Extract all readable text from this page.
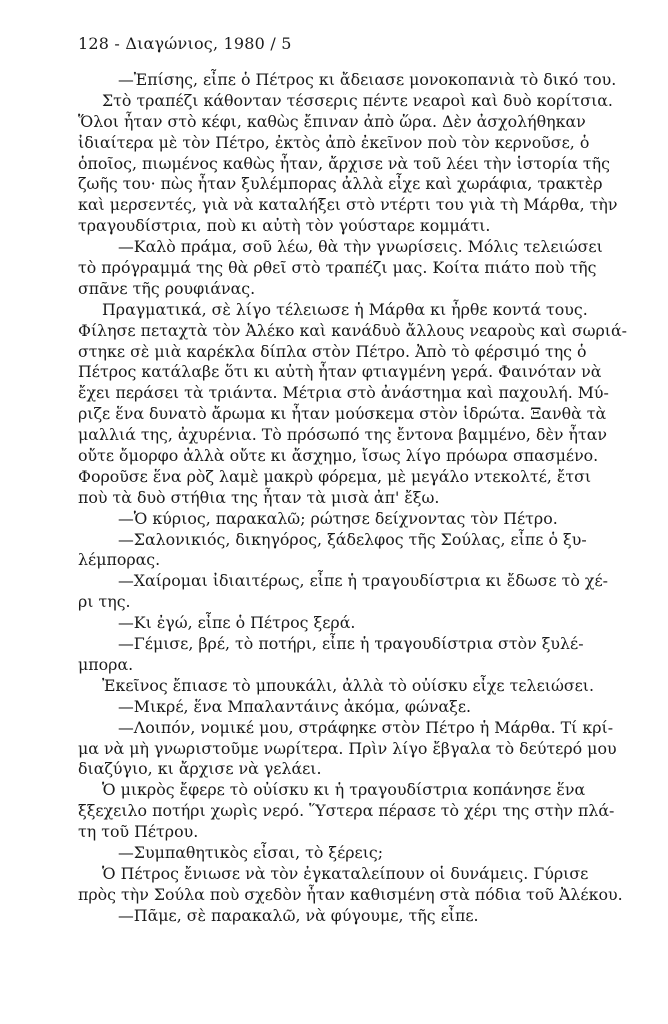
128 - Διαγώνιος, 1980 / 5
—Ἐπίσης, εἶπε ὁ Πέτρος κι ἄδειασε μονοκοπανιὰ τὸ δικό του.
Στὸ τραπέζι κάθονταν τέσσερις πέντε νεαροὶ καὶ δυὸ κορίτσια.
Ὅλοι ἦταν στὸ κέφι, καθὼς ἔπιναν ἀπὸ ὥρα. Δὲν ἀσχολήθηκαν
ἰδιαίτερα μὲ τὸν Πέτρο, ἐκτὸς ἀπὸ ἐκεῖνον ποὺ τὸν κερνοῦσε, ὁ
ὁποῖος, πιωμένος καθὼς ἦταν, ἄρχισε νὰ τοῦ λέει τὴν ἱστορία τῆς
ζωῆς του· πὼς ἦταν ξυλέμπορας ἀλλὰ εἶχε καὶ χωράφια, τρακτὲρ
καὶ μερσεντές, γιὰ νὰ καταλήξει στὸ ντέρτι του γιὰ τὴ Μάρθα, τὴν
τραγουδίστρια, ποὺ κι αὐτὴ τὸν γούσταρε κομμάτι.
—Καλὸ πράμα, σοῦ λέω, θὰ τὴν γνωρίσεις. Μόλις τελειώσει
τὸ πρόγραμμά της θὰ ρθεῖ στὸ τραπέζι μας. Κοίτα πιάτο ποὺ τῆς
σπᾶνε τῆς ρουφιάνας.
Πραγματικά, σὲ λίγο τέλειωσε ἡ Μάρθα κι ἦρθε κοντά τους.
Φίλησε πεταχτὰ τὸν Ἀλέκο καὶ κανάδυὸ ἄλλους νεαροὺς καὶ σωριά-
στηκε σὲ μιὰ καρέκλα δίπλα στὸν Πέτρο. Ἀπὸ τὸ φέρσιμό της ὁ
Πέτρος κατάλαβε ὅτι κι αὐτὴ ἦταν φτιαγμένη γερά. Φαινόταν νὰ
ἔχει περάσει τὰ τριάντα. Μέτρια στὸ ἀνάστημα καὶ παχουλή. Μύ-
ριζε ἕνα δυνατὸ ἄρωμα κι ἦταν μούσκεμα στὸν ἱδρώτα. Ξανθὰ τὰ
μαλλιά της, ἀχυρένια. Τὸ πρόσωπό της ἔντονα βαμμένο, δὲν ἦταν
οὔτε ὄμορφο ἀλλὰ οὔτε κι ἄσχημο, ἴσως λίγο πρόωρα σπασμένο.
Φοροῦσε ἕνα ρὸζ λαμὲ μακρὺ φόρεμα, μὲ μεγάλο ντεκολτέ, ἔτσι
ποὺ τὰ δυὸ στήθια της ἦταν τὰ μισὰ ἀπ' ἔξω.
—Ὁ κύριος, παρακαλῶ; ρώτησε δείχνοντας τὸν Πέτρο.
—Σαλονικιός, δικηγόρος, ξάδελφος τῆς Σούλας, εἶπε ὁ ξυ-
λέμπορας.
—Χαίρομαι ἰδιαιτέρως, εἶπε ἡ τραγουδίστρια κι ἔδωσε τὸ χέ-
ρι της.
—Κι ἐγώ, εἶπε ὁ Πέτρος ξερά.
—Γέμισε, βρέ, τὸ ποτήρι, εἶπε ἡ τραγουδίστρια στὸν ξυλέ-
μπορα.
Ἐκεῖνος ἔπιασε τὸ μπουκάλι, ἀλλὰ τὸ οὐίσκυ εἶχε τελειώσει.
—Μικρέ, ἕνα Μπαλαντάινς ἀκόμα, φώναξε.
—Λοιπόν, νομικέ μου, στράφηκε στὸν Πέτρο ἡ Μάρθα. Τί κρί-
μα νὰ μὴ γνωριστοῦμε νωρίτερα. Πρὶν λίγο ἔβγαλα τὸ δεύτερό μου
διαζύγιο, κι ἄρχισε νὰ γελάει.
Ὁ μικρὸς ἔφερε τὸ οὐίσκυ κι ἡ τραγουδίστρια κοπάνησε ἕνα
ξξεχειλο ποτήρι χωρὶς νερό. Ὕστερα πέρασε τὸ χέρι της στὴν πλά-
τη τοῦ Πέτρου.
—Συμπαθητικὸς εἶσαι, τὸ ξέρεις;
Ὁ Πέτρος ἔνιωσε νὰ τὸν ἐγκαταλείπουν οἱ δυνάμεις. Γύρισε
πρὸς τὴν Σούλα ποὺ σχεδὸν ἦταν καθισμένη στὰ πόδια τοῦ Ἀλέκου.
—Πᾶμε, σὲ παρακαλῶ, νὰ φύγουμε, τῆς εἶπε.
